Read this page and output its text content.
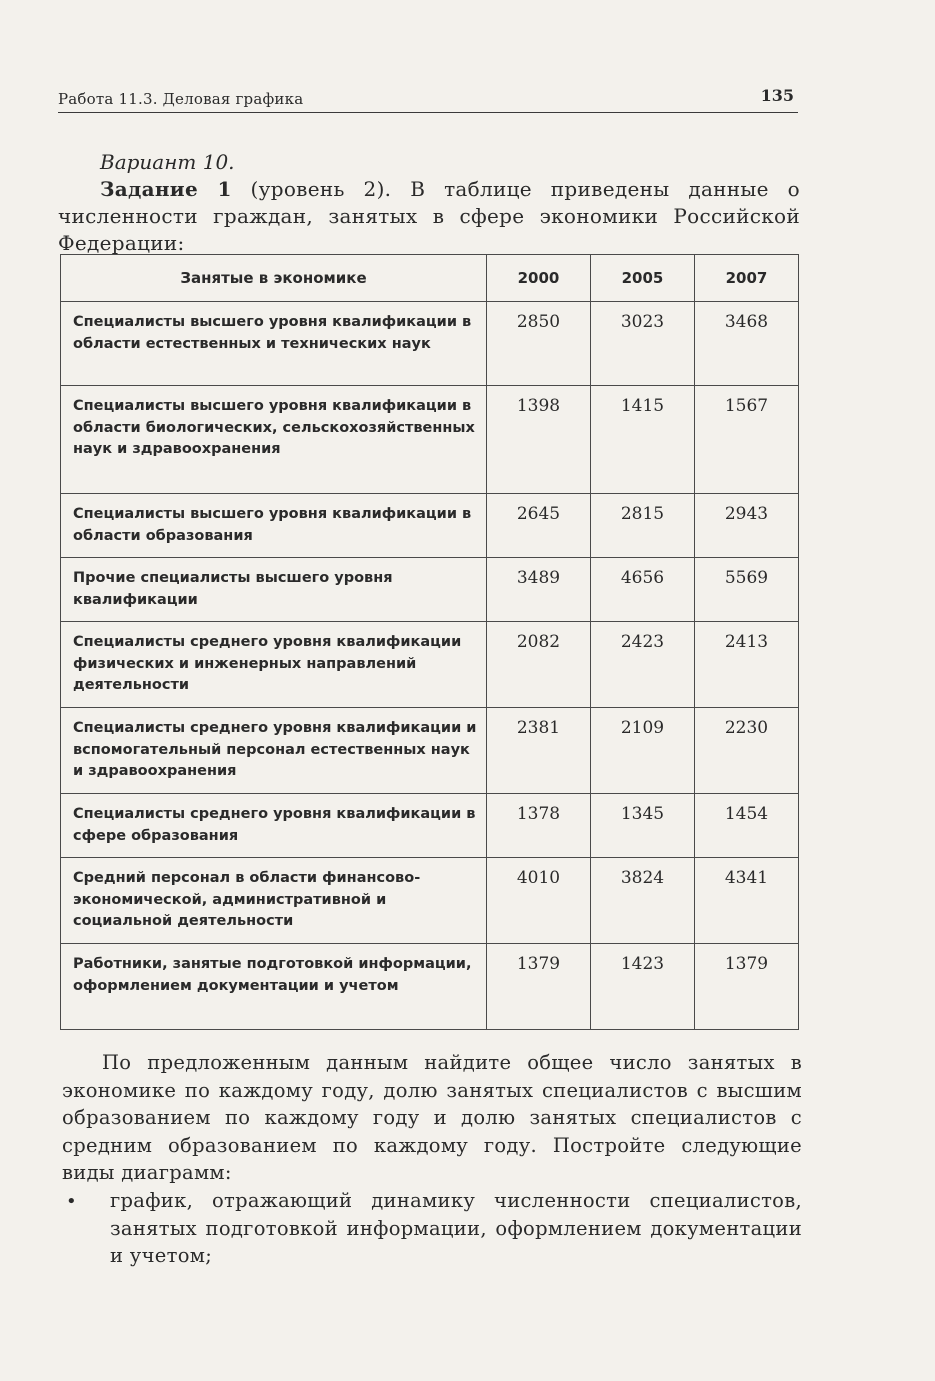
Работа 11.3. Деловая графика	135
Вариант 10.
Задание 1 (уровень 2). В таблице приведены данные о численности граждан, занятых в сфере экономики Российской Федерации:
Занятые в экономике	2000	2005	2007
Специалисты высшего уровня квалификации в области естественных и технических наук	2850	3023	3468
Специалисты высшего уровня квалификации в области биологических, сельскохозяйственных наук и здравоохранения	1398	1415	1567
Специалисты высшего уровня квалификации в области образования	2645	2815	2943
Прочие специалисты высшего уровня квалификации	3489	4656	5569
Специалисты среднего уровня квалификации физических и инженерных направлений деятельности	2082	2423	2413
Специалисты среднего уровня квалификации и вспомогательный персонал естественных наук и здравоохранения	2381	2109	2230
Специалисты среднего уровня квалификации в сфере образования	1378	1345	1454
Средний персонал в области финансово-экономической, административной и социальной деятельности	4010	3824	4341
Работники, занятые подготовкой информации, оформлением документации и учетом	1379	1423	1379
По предложенным данным найдите общее число занятых в экономике по каждому году, долю занятых специалистов с высшим образованием по каждому году и долю занятых специалистов с средним образованием по каждому году. Постройте следующие виды диаграмм:
• график, отражающий динамику численности специалистов, занятых подготовкой информации, оформлением документации и учетом;
